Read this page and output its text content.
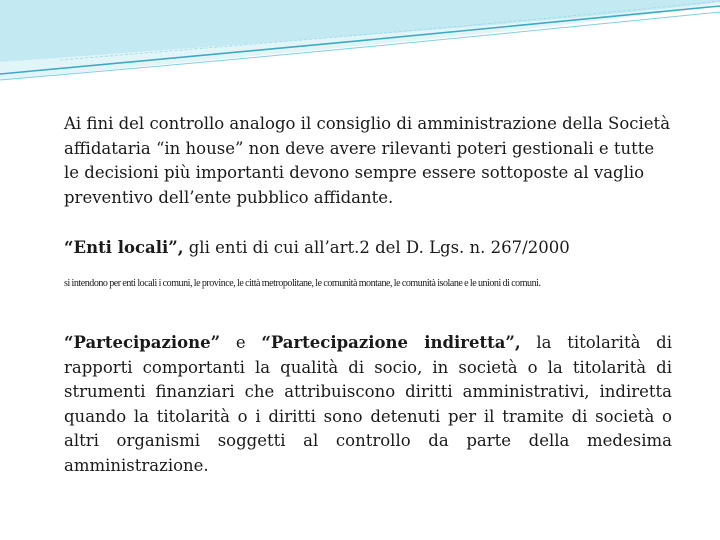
Ai fini del controllo analogo il consiglio di amministrazione della Società affidataria “in house” non deve avere rilevanti poteri gestionali e tutte le decisioni più importanti devono sempre essere sottoposte al vaglio preventivo dell’ente pubblico affidante.

“Enti locali”, gli enti di cui all’art.2 del D. Lgs. n. 267/2000

si intendono per enti locali i comuni, le province, le città metropolitane, le comunità montane, le comunità isolane e le unioni di comuni.

“Partecipazione” e “Partecipazione indiretta”, la titolarità di rapporti comportanti la qualità di socio, in società o la titolarità di strumenti finanziari che attribuiscono diritti amministrativi, indiretta quando la titolarità o i diritti sono detenuti per il tramite di società o altri organismi soggetti al controllo da parte della medesima amministrazione.
